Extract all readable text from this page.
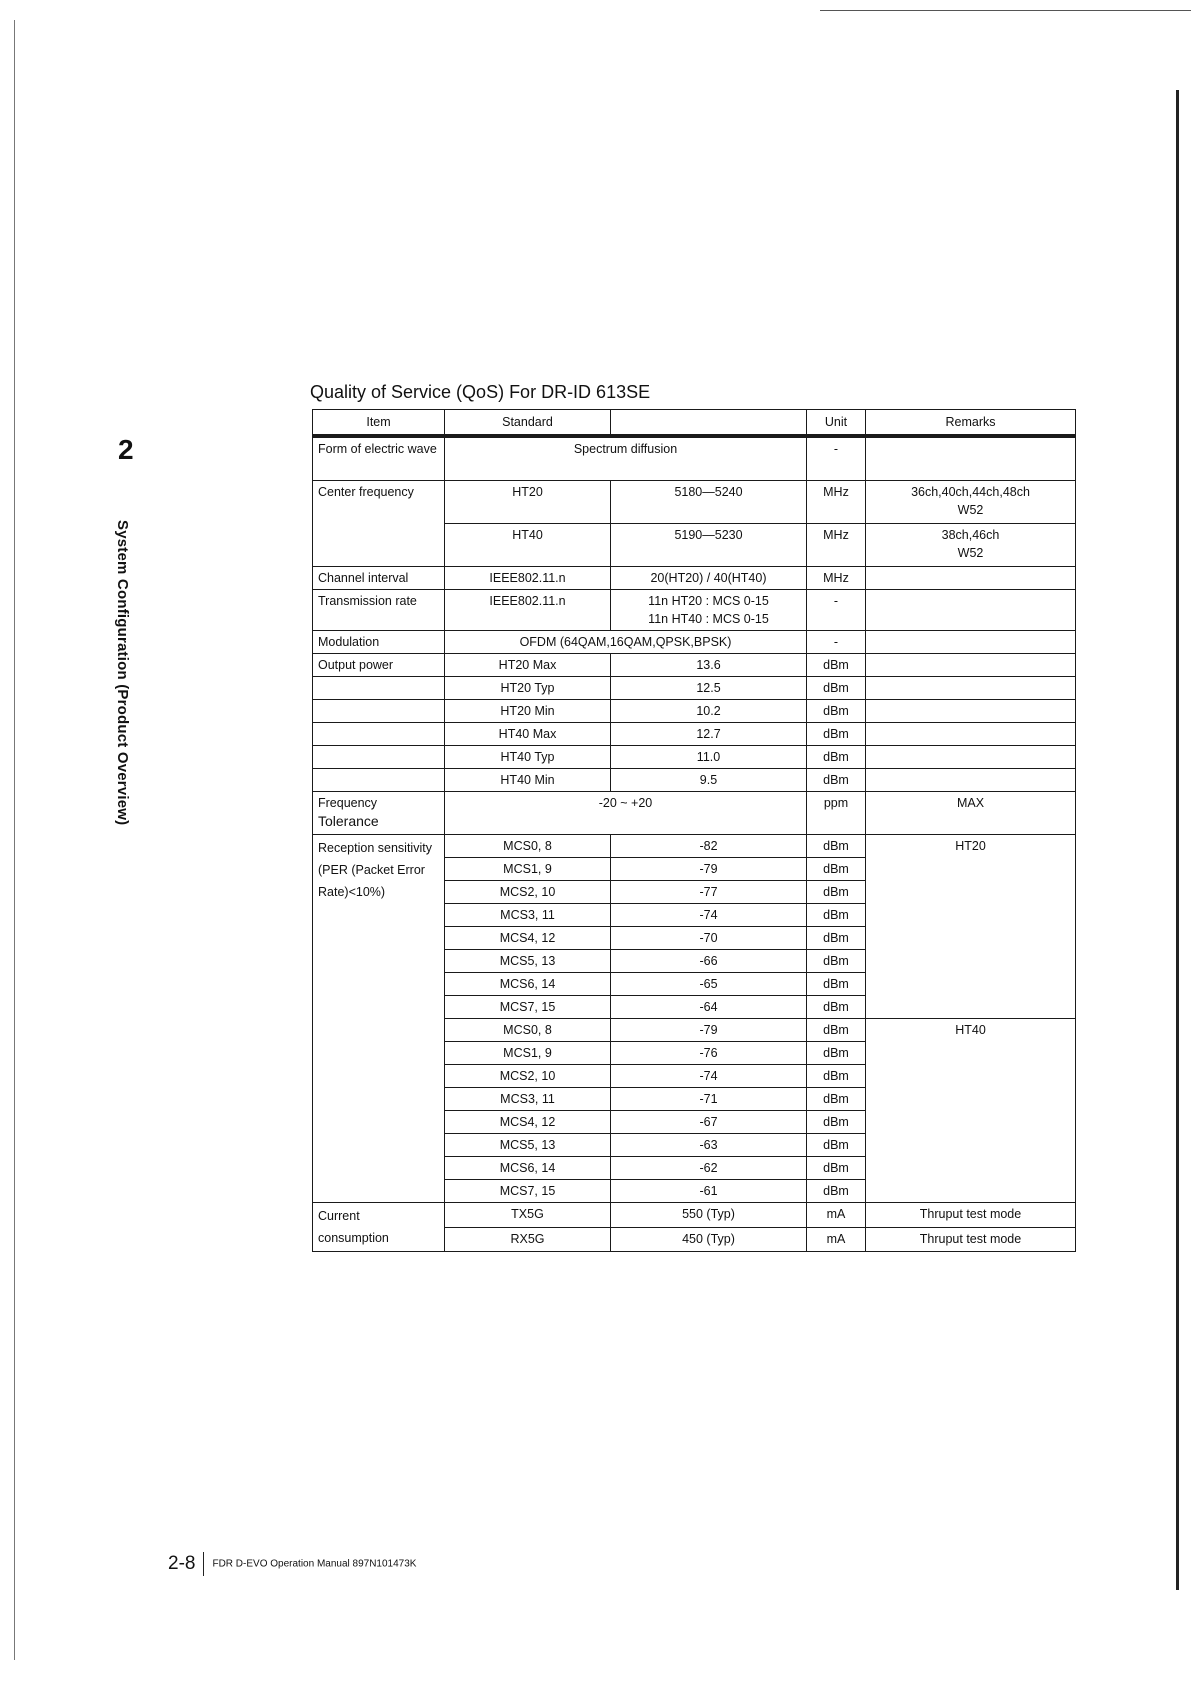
2
System Configuration (Product Overview)
Quality of Service (QoS) For DR-ID 613SE
Item	Standard		Unit	Remarks
Form of electric wave	Spectrum diffusion		-	
Center frequency	HT20	5180—5240	MHz	36ch,40ch,44ch,48ch
W52
	HT40	5190—5230	MHz	38ch,46ch
W52
Channel interval	IEEE802.11.n	20(HT20) / 40(HT40)	MHz	
Transmission rate	IEEE802.11.n	11n HT20 : MCS 0-15
11n HT40 : MCS 0-15	-	
Modulation	OFDM (64QAM,16QAM,QPSK,BPSK)		-	
Output power	HT20 Max	13.6	dBm	
	HT20 Typ	12.5	dBm	
	HT20 Min	10.2	dBm	
	HT40 Max	12.7	dBm	
	HT40 Typ	11.0	dBm	
	HT40 Min	9.5	dBm	
Frequency
Tolerance	-20 ~ +20		ppm	MAX
Reception sensitivity (PER (Packet Error Rate)<10%)	MCS0, 8	-82	dBm	HT20
	MCS1, 9	-79	dBm	
	MCS2, 10	-77	dBm	
	MCS3, 11	-74	dBm	
	MCS4, 12	-70	dBm	
	MCS5, 13	-66	dBm	
	MCS6, 14	-65	dBm	
	MCS7, 15	-64	dBm	
	MCS0, 8	-79	dBm	HT40
	MCS1, 9	-76	dBm	
	MCS2, 10	-74	dBm	
	MCS3, 11	-71	dBm	
	MCS4, 12	-67	dBm	
	MCS5, 13	-63	dBm	
	MCS6, 14	-62	dBm	
	MCS7, 15	-61	dBm	
Current
consumption	TX5G	550 (Typ)	mA	Thruput test mode
	RX5G	450 (Typ)	mA	Thruput test mode
2-8 FDR D-EVO Operation Manual 897N101473K
